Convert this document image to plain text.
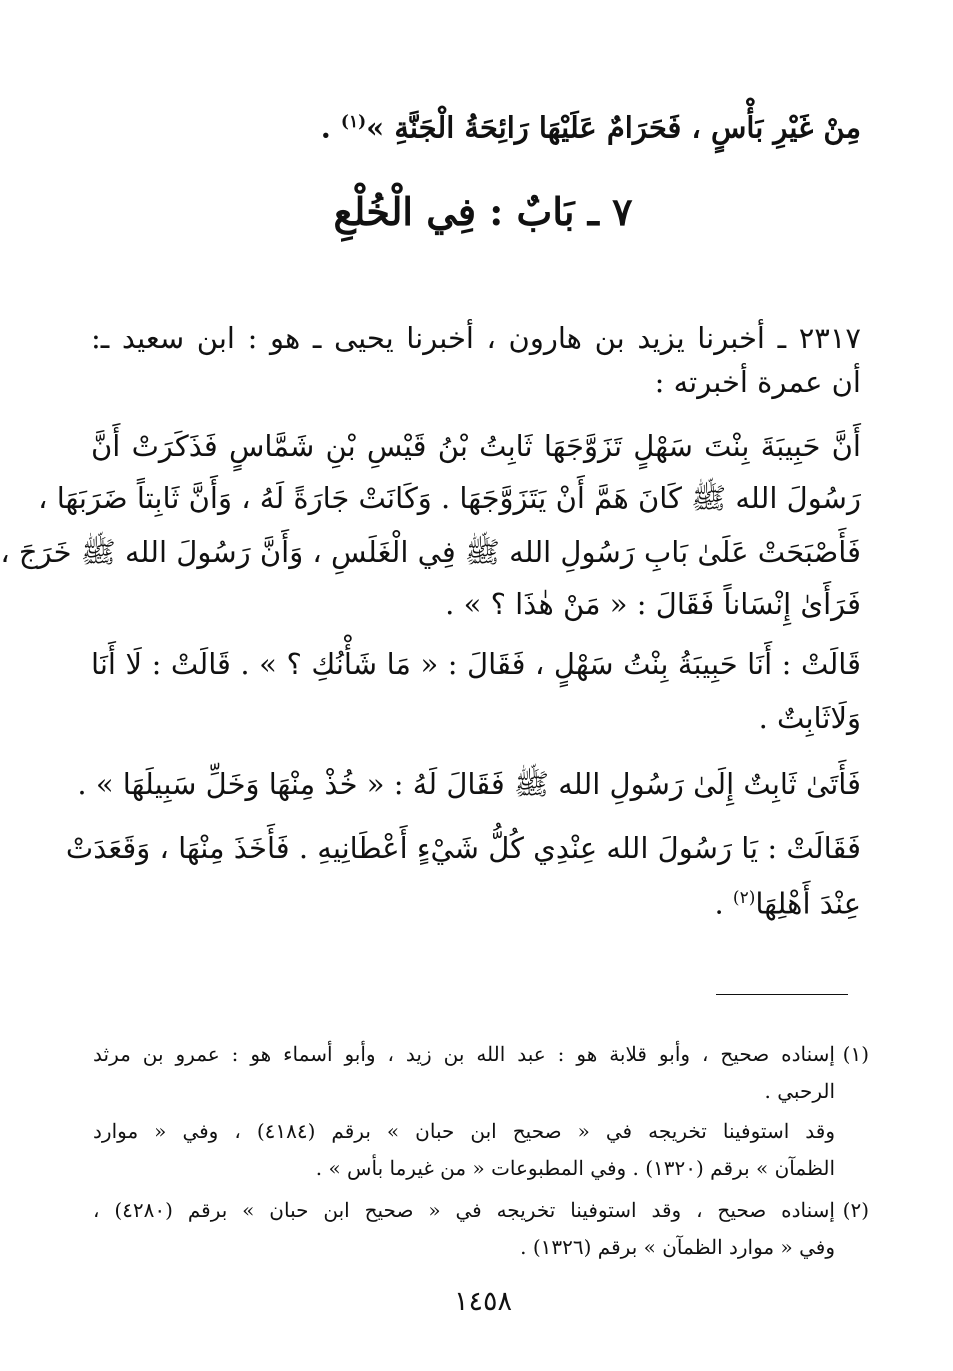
مِنْ غَيْرِ بَأْسٍ ، فَحَرَامٌ عَلَيْهَا رَائِحَةُ الْجَنَّةِ »$^{(١)}$ .
٧ ـ بَابٌ : فِي الْخُلْعِ
٢٣١٧ ـ أخبرنا يزيد بن هارون ، أخبرنا يحيى ـ هو : ابن سعيد ـ:
أن عمرة أخبرته :
أَنَّ حَبِيبَةَ بِنْتَ سَهْلٍ تَزَوَّجَهَا ثَابِتُ بْنُ قَيْسِ بْنِ شَمَّاسٍ فَذَكَرَتْ أَنَّ
رَسُولَ الله ﷺ كَانَ هَمَّ أَنْ يَتَزَوَّجَهَا . وَكَانَتْ جَارَةً لَهُ ، وَأَنَّ ثَابِتاً ضَرَبَهَا ،
فَأَصْبَحَتْ عَلَىٰ بَابِ رَسُولِ الله ﷺ فِي الْغَلَسِ ، وَأَنَّ رَسُولَ الله ﷺ خَرَجَ ،
فَرَأَىٰ إِنْسَاناً فَقَالَ : « مَنْ هٰذَا ؟ » .
قَالَتْ : أَنَا حَبِيبَةُ بِنْتُ سَهْلٍ ، فَقَالَ : « مَا شَأْنُكِ ؟ » . قَالَتْ : لَا أَنَا
وَلَاثَابِتٌ .
فَأَتَىٰ ثَابِتٌ إِلَىٰ رَسُولِ الله ﷺ فَقَالَ لَهُ : « خُذْ مِنْهَا وَخَلِّ سَبِيلَهَا » .
فَقَالَتْ : يَا رَسُولَ الله عِنْدِي كُلُّ شَيْءٍ أَعْطَانِيهِ . فَأَخَذَ مِنْهَا ، وَقَعَدَتْ
عِنْدَ أَهْلِهَا$^{(٢)}$ .
(١)
إسناده صحيح ، وأبو قلابة هو : عبد الله بن زيد ، وأبو أسماء هو : عمرو بن مرثد
الرحبي .
وقد استوفينا تخريجه في « صحيح ابن حبان » برقم (٤١٨٤) ، وفي « موارد
الظمآن » برقم (١٣٢٠) . وفي المطبوعات « من غيرما بأس » .
(٢)
إسناده صحيح ، وقد استوفينا تخريجه في « صحيح ابن حبان » برقم (٤٢٨٠) ،
وفي « موارد الظمآن » برقم (١٣٢٦) .
١٤٥٨
